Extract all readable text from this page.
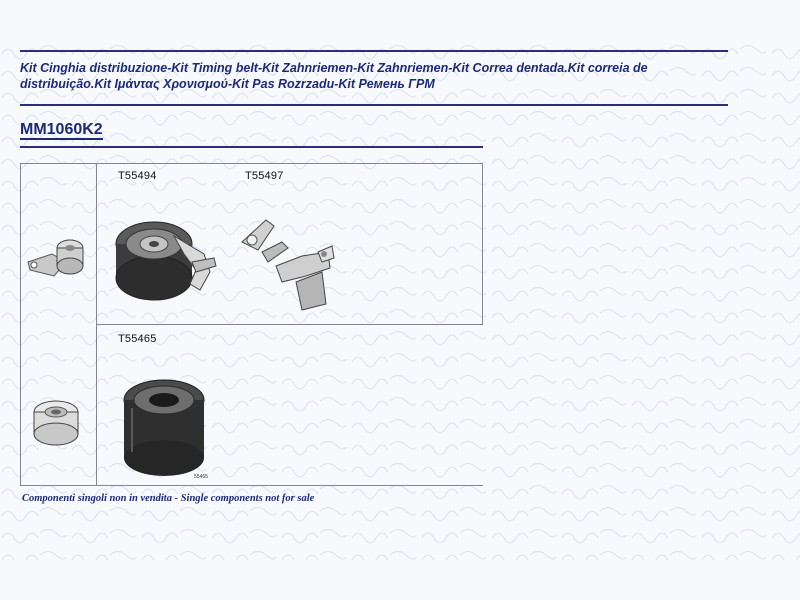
Kit Cinghia distribuzione-Kit Timing belt-Kit Zahnriemen-Kit Zahnriemen-Kit Correa dentada.Kit correia de distribuição.Kit Ιμάντας Χρονισμού-Kit Pas Rozrzadu-Kit Ремень ГРМ
MM1060K2
T55494	T55497
T55465
55465
Componenti singoli non in vendita - Single components not for sale
